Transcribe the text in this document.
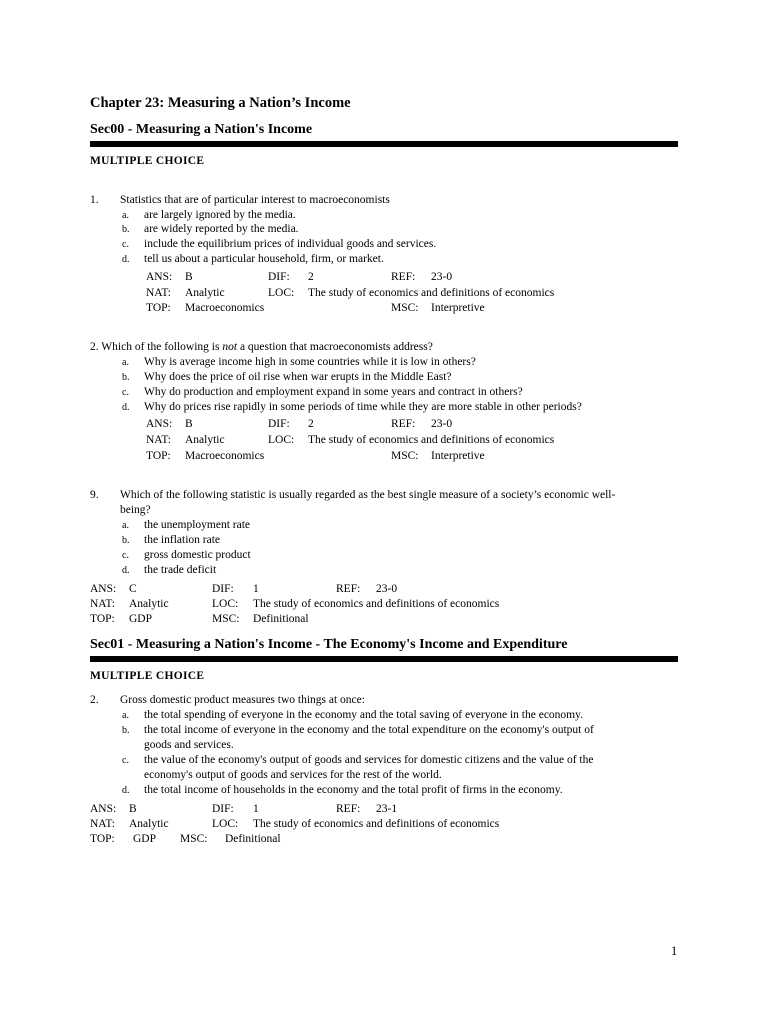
Chapter 23: Measuring a Nation’s Income
Sec00 - Measuring a Nation's Income
MULTIPLE CHOICE
1. Statistics that are of particular interest to macroeconomists
a. are largely ignored by the media.
b. are widely reported by the media.
c. include the equilibrium prices of individual goods and services.
d. tell us about a particular household, firm, or market.
ANS: B	DIF: 2	REF: 23-0
NAT: Analytic	LOC: The study of economics and definitions of economics
TOP: Macroeconomics	MSC: Interpretive
2. Which of the following is not a question that macroeconomists address?
a. Why is average income high in some countries while it is low in others?
b. Why does the price of oil rise when war erupts in the Middle East?
c. Why do production and employment expand in some years and contract in others?
d. Why do prices rise rapidly in some periods of time while they are more stable in other periods?
ANS: B	DIF: 2	REF: 23-0
NAT: Analytic	LOC: The study of economics and definitions of economics
TOP: Macroeconomics	MSC: Interpretive
9. Which of the following statistic is usually regarded as the best single measure of a society’s economic well-
being?
a. the unemployment rate
b. the inflation rate
c. gross domestic product
d. the trade deficit
ANS: C	DIF: 1	REF: 23-0
NAT: Analytic	LOC: The study of economics and definitions of economics
TOP: GDP	MSC: Definitional
Sec01 - Measuring a Nation's Income - The Economy's Income and Expenditure
MULTIPLE CHOICE
2. Gross domestic product measures two things at once:
a. the total spending of everyone in the economy and the total saving of everyone in the economy.
b. the total income of everyone in the economy and the total expenditure on the economy's output of
goods and services.
c. the value of the economy's output of goods and services for domestic citizens and the value of the
economy's output of goods and services for the rest of the world.
d. the total income of households in the economy and the total profit of firms in the economy.
ANS: B	DIF: 1	REF: 23-1
NAT: Analytic	LOC: The study of economics and definitions of economics
TOP: GDP MSC: Definitional
1
